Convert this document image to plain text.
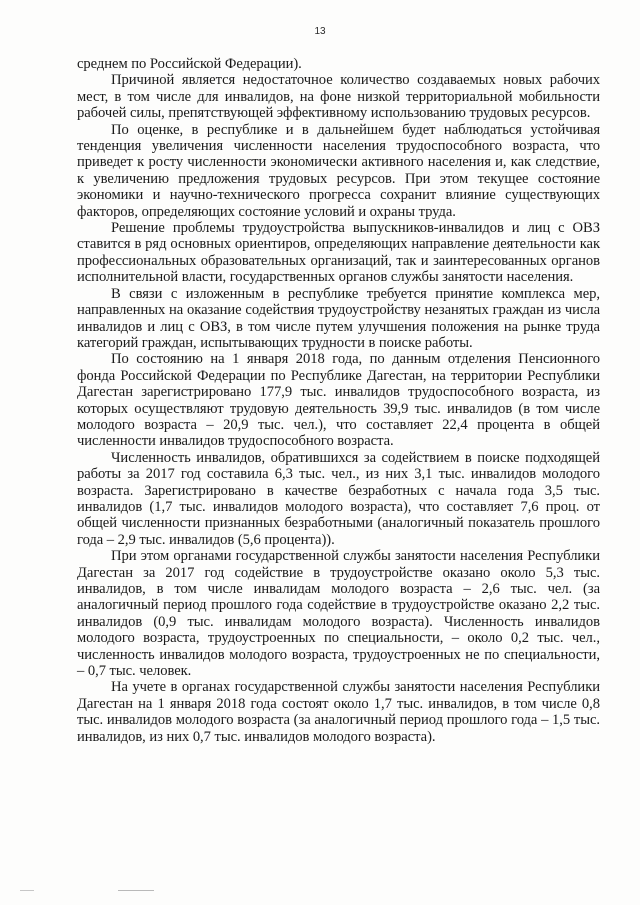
13

среднем по Российской Федерации).

Причиной является недостаточное количество создаваемых новых рабочих мест, в том числе для инвалидов, на фоне низкой территориальной мобильности рабочей силы, препятствующей эффективному использованию трудовых ресурсов.

По оценке, в республике и в дальнейшем будет наблюдаться устойчивая тенденция увеличения численности населения трудоспособного возраста, что приведет к росту численности экономически активного населения и, как следствие, к увеличению предложения трудовых ресурсов. При этом текущее состояние экономики и научно-технического прогресса сохранит влияние существующих факторов, определяющих состояние условий и охраны труда.

Решение проблемы трудоустройства выпускников-инвалидов и лиц с ОВЗ ставится в ряд основных ориентиров, определяющих направление деятельности как профессиональных образовательных организаций, так и заинтересованных органов исполнительной власти, государственных органов службы занятости населения.

В связи с изложенным в республике требуется принятие комплекса мер, направленных на оказание содействия трудоустройству незанятых граждан из числа инвалидов и лиц с ОВЗ, в том числе путем улучшения положения на рынке труда категорий граждан, испытывающих трудности в поиске работы.

По состоянию на 1 января 2018 года, по данным отделения Пенсионного фонда Российской Федерации по Республике Дагестан, на территории Республики Дагестан зарегистрировано 177,9 тыс. инвалидов трудоспособного возраста, из которых осуществляют трудовую деятельность 39,9 тыс. инвалидов (в том числе молодого возраста – 20,9 тыс. чел.), что составляет 22,4 процента в общей численности инвалидов трудоспособного возраста.

Численность инвалидов, обратившихся за содействием в поиске подходящей работы за 2017 год составила 6,3 тыс. чел., из них 3,1 тыс. инвалидов молодого возраста. Зарегистрировано в качестве безработных с начала года 3,5 тыс. инвалидов (1,7 тыс. инвалидов молодого возраста), что составляет 7,6 проц. от общей численности признанных безработными (аналогичный показатель прошлого года – 2,9 тыс. инвалидов (5,6 процента)).

При этом органами государственной службы занятости населения Республики Дагестан за 2017 год содействие в трудоустройстве оказано около 5,3 тыс. инвалидов, в том числе инвалидам молодого возраста – 2,6 тыс. чел. (за аналогичный период прошлого года содействие в трудоустройстве оказано 2,2 тыс. инвалидов (0,9 тыс. инвалидам молодого возраста). Численность инвалидов молодого возраста, трудоустроенных по специальности, – около 0,2 тыс. чел., численность инвалидов молодого возраста, трудоустроенных не по специальности, – 0,7 тыс. человек.

На учете в органах государственной службы занятости населения Республики Дагестан на 1 января 2018 года состоят около 1,7 тыс. инвалидов, в том числе 0,8 тыс. инвалидов молодого возраста (за аналогичный период прошлого года – 1,5 тыс. инвалидов, из них 0,7 тыс. инвалидов молодого возраста).
